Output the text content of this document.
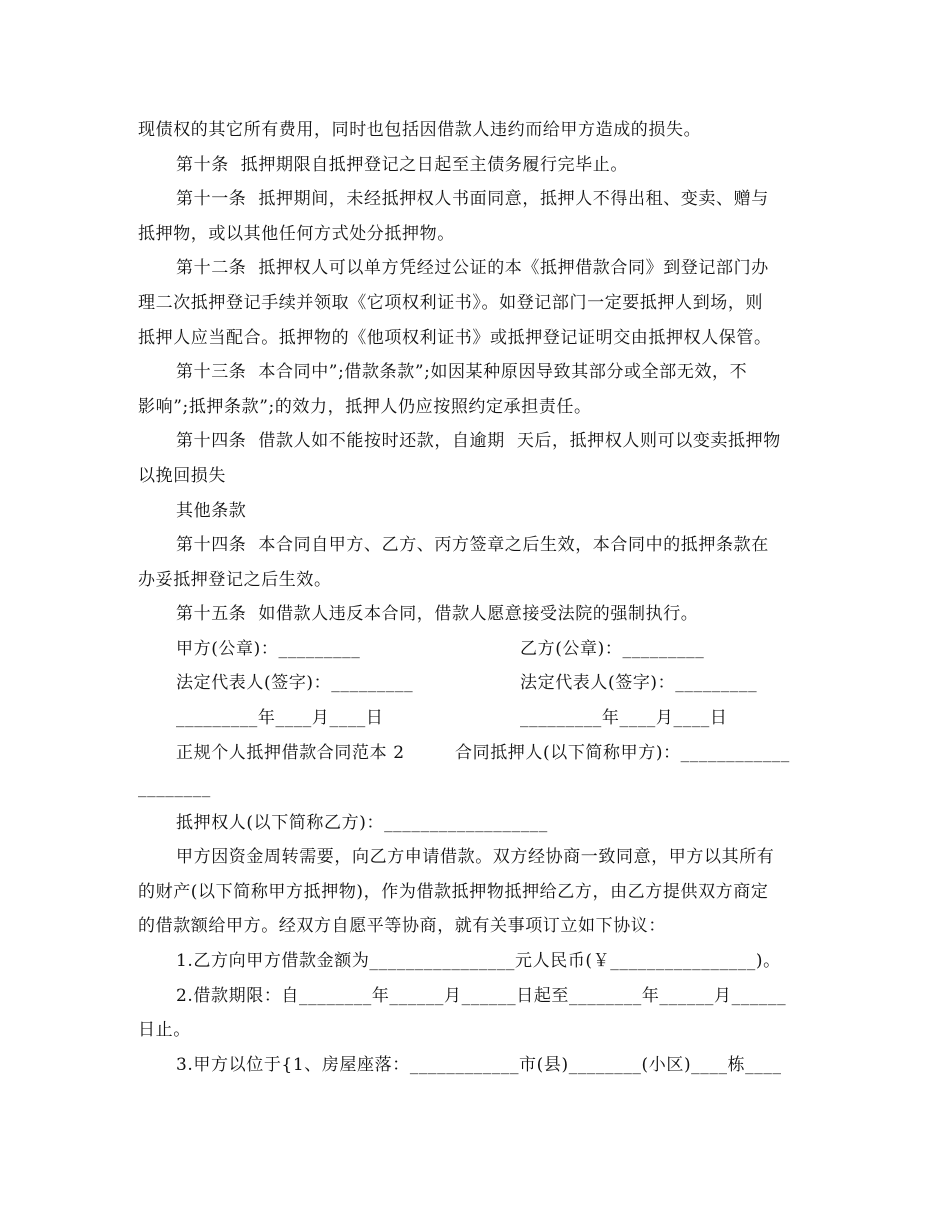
现债权的其它所有费用，同时也包括因借款人违约而给甲方造成的损失。
第十条  抵押期限自抵押登记之日起至主债务履行完毕止。
第十一条  抵押期间，未经抵押权人书面同意，抵押人不得出租、变卖、赠与
抵押物，或以其他任何方式处分抵押物。
第十二条  抵押权人可以单方凭经过公证的本《抵押借款合同》到登记部门办
理二次抵押登记手续并领取《它项权利证书》。如登记部门一定要抵押人到场，则
抵押人应当配合。抵押物的《他项权利证书》或抵押登记证明交由抵押权人保管。
第十三条  本合同中”;借款条款”;如因某种原因导致其部分或全部无效，不
影响”;抵押条款”;的效力，抵押人仍应按照约定承担责任。
第十四条  借款人如不能按时还款，自逾期  天后，抵押权人则可以变卖抵押物
以挽回损失
其他条款
第十四条  本合同自甲方、乙方、丙方签章之后生效，本合同中的抵押条款在
办妥抵押登记之后生效。
第十五条  如借款人违反本合同，借款人愿意接受法院的强制执行。
甲方(公章)：_________	乙方(公章)：_________
法定代表人(签字)：_________	法定代表人(签字)：_________
_________年____月____日	_________年____月____日
正规个人抵押借款合同范本 2	合同抵押人(以下简称甲方)：____________
________
抵押权人(以下简称乙方)：__________________
甲方因资金周转需要，向乙方申请借款。双方经协商一致同意，甲方以其所有
的财产(以下简称甲方抵押物)，作为借款抵押物抵押给乙方，由乙方提供双方商定
的借款额给甲方。经双方自愿平等协商，就有关事项订立如下协议：
1.乙方向甲方借款金额为________________元人民币(￥________________)。
2.借款期限：自________年______月______日起至________年______月______
日止。
3.甲方以位于{1、房屋座落：____________市(县)________(小区)____栋____
